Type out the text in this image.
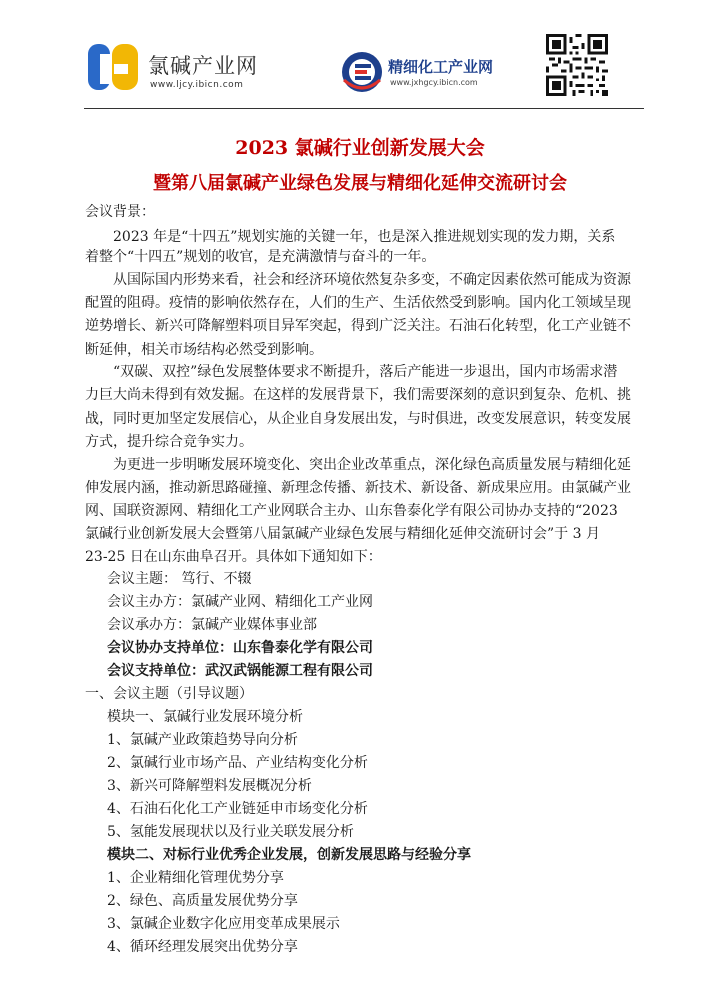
氯碱产业网
www.ljcy.ibicn.com
精细化工产业网
www.jxhgcy.ibicn.com
2023 氯碱行业创新发展大会
暨第八届氯碱产业绿色发展与精细化延伸交流研讨会
会议背景：
2023 年是“十四五”规划实施的关键一年，也是深入推进规划实现的发力期，关系
着整个“十四五”规划的收官，是充满激情与奋斗的一年。
从国际国内形势来看，社会和经济环境依然复杂多变，不确定因素依然可能成为资源
配置的阻碍。疫情的影响依然存在，人们的生产、生活依然受到影响。国内化工领域呈现
逆势增长、新兴可降解塑料项目异军突起，得到广泛关注。石油石化转型，化工产业链不
断延伸，相关市场结构必然受到影响。
“双碳、双控”绿色发展整体要求不断提升，落后产能进一步退出，国内市场需求潜
力巨大尚未得到有效发掘。在这样的发展背景下，我们需要深刻的意识到复杂、危机、挑
战，同时更加坚定发展信心，从企业自身发展出发，与时俱进，改变发展意识，转变发展
方式，提升综合竞争实力。
为更进一步明晰发展环境变化、突出企业改革重点，深化绿色高质量发展与精细化延
伸发展内涵，推动新思路碰撞、新理念传播、新技术、新设备、新成果应用。由氯碱产业
网、国联资源网、精细化工产业网联合主办、山东鲁泰化学有限公司协办支持的“2023
氯碱行业创新发展大会暨第八届氯碱产业绿色发展与精细化延伸交流研讨会”于 3 月
23-25 日在山东曲阜召开。具体如下通知如下：
会议主题： 笃行、不辍
会议主办方：氯碱产业网、精细化工产业网
会议承办方：氯碱产业媒体事业部
会议协办支持单位：山东鲁泰化学有限公司
会议支持单位：武汉武锅能源工程有限公司
一、会议主题（引导议题）
模块一、氯碱行业发展环境分析
1、氯碱产业政策趋势导向分析
2、氯碱行业市场产品、产业结构变化分析
3、新兴可降解塑料发展概况分析
4、石油石化化工产业链延申市场变化分析
5、氢能发展现状以及行业关联发展分析
模块二、对标行业优秀企业发展，创新发展思路与经验分享
1、企业精细化管理优势分享
2、绿色、高质量发展优势分享
3、氯碱企业数字化应用变革成果展示
4、循环经理发展突出优势分享
